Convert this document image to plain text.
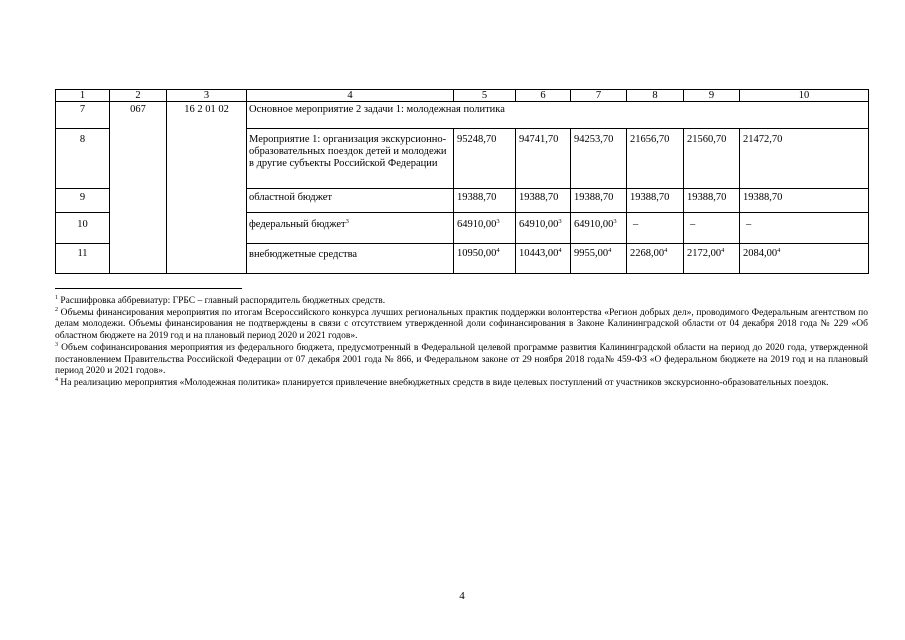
1	2	3	4	5	6	7	8	9	10
7	067	16 2 01 02	Основное мероприятие 2 задачи 1: молодежная политика						
8			Мероприятие 1: организация экскурсионно-образовательных поездок детей и молодежи в другие субъекты Российской Федерации	95248,70	94741,70	94253,70	21656,70	21560,70	21472,70
9			областной бюджет	19388,70	19388,70	19388,70	19388,70	19388,70	19388,70
10			федеральный бюджет$^3$	64910,00$^3$	64910,00$^3$	64910,00$^3$	–	–	–
11			внебюджетные средства	10950,00$^4$	10443,00$^4$	9955,00$^4$	2268,00$^4$	2172,00$^4$	2084,00$^4$

$^1$ Расшифровка аббревиатур: ГРБС – главный распорядитель бюджетных средств.

$^2$ Объемы финансирования мероприятия по итогам Всероссийского конкурса лучших региональных практик поддержки волонтерства «Регион добрых дел», проводимого Федеральным агентством по делам молодежи. Объемы финансирования не подтверждены в связи с отсутствием утвержденной доли софинансирования в Законе Калининградской области от 04 декабря 2018 года № 229 «Об областном бюджете на 2019 год и на плановый период 2020 и 2021 годов».

$^3$ Объем софинансирования мероприятия из федерального бюджета, предусмотренный в Федеральной целевой программе развития Калининградской области на период до 2020 года, утвержденной постановлением Правительства Российской Федерации от 07 декабря 2001 года № 866, и Федеральном законе от 29 ноября 2018 года№ 459-ФЗ «О федеральном бюджете на 2019 год и на плановый период 2020 и 2021 годов».

$^4$ На реализацию мероприятия «Молодежная политика» планируется привлечение внебюджетных средств в виде целевых поступлений от участников экскурсионно-образовательных поездок.

4
